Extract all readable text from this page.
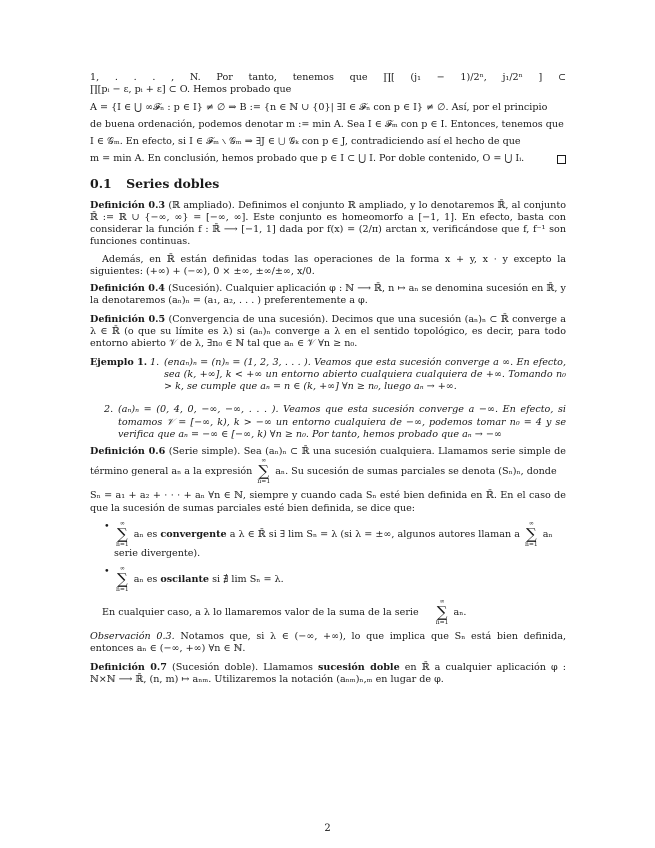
1, . . . , N. Por tanto, tenemos que ∏[ (j₁ − 1)/2ⁿ, j₁/2ⁿ ] ⊂ ∏[pᵢ − ε, pᵢ + ε] ⊂ O. Hemos probado que

A = {I ∈ ⋃ ∞𝓕ₙ : p ∈ I} ≠ ∅ ⇒ B := {n ∈ ℕ ∪ {0}| ∃I ∈ 𝓕ₙ con p ∈ I} ≠ ∅. Así, por el principio

de buena ordenación, podemos denotar m := min A. Sea I ∈ 𝓕ₘ con p ∈ I. Entonces, tenemos que

I ∈ 𝒢ₘ. En efecto, si I ∈ 𝓕ₘ ∖ 𝒢ₘ ⇒ ∃J ∈ ⋃ 𝒢ₖ con p ∈ J, contradiciendo así el hecho de que

m = min A. En conclusión, hemos probado que p ∈ I ⊂ ⋃ I. Por doble contenido, O = ⋃ Iᵢ.

0.1 Series dobles

Definición 0.3 (ℝ ampliado). Definimos el conjunto ℝ ampliado, y lo denotaremos ℝ̄, al conjunto ℝ̄ := ℝ ∪ {−∞, ∞} = [−∞, ∞]. Este conjunto es homeomorfo a [−1, 1]. En efecto, basta con considerar la función f : ℝ̄ ⟶ [−1, 1] dada por f(x) = (2/π) arctan x, verificándose que f, f⁻¹ son funciones continuas.

Además, en ℝ̄ están definidas todas las operaciones de la forma x + y, x · y excepto la siguientes: (+∞) + (−∞), 0 × ±∞, ±∞/±∞, x/0.

Definición 0.4 (Sucesión). Cualquier aplicación φ : ℕ ⟶ ℝ̄, n ↦ aₙ se denomina sucesión en ℝ̄, y la denotaremos (aₙ)ₙ = (a₁, a₂, . . . ) preferentemente a φ.

Definición 0.5 (Convergencia de una sucesión). Decimos que una sucesión (aₙ)ₙ ⊂ ℝ̄ converge a λ ∈ ℝ̄ (o que su límite es λ) si (aₙ)ₙ converge a λ en el sentido topológico, es decir, para todo entorno abierto 𝒱 de λ, ∃n₀ ∈ ℕ tal que aₙ ∈ 𝒱 ∀n ≥ n₀.

Ejemplo 1. 1. (enaₙ)ₙ = (n)ₙ = (1, 2, 3, . . . ). Veamos que esta sucesión converge a ∞. En efecto, sea (k, +∞], k < +∞ un entorno abierto cualquiera cualquiera de +∞. Tomando n₀ > k, se cumple que aₙ = n ∈ (k, +∞] ∀n ≥ n₀, luego aₙ → +∞.
2. (aₙ)ₙ = (0, 4, 0, −∞, −∞, . . . ). Veamos que esta sucesión converge a −∞. En efecto, si tomamos 𝒱 = [−∞, k), k > −∞ un entorno cualquiera de −∞, podemos tomar n₀ = 4 y se verifica que aₙ = −∞ ∈ [−∞, k) ∀n ≥ n₀. Por tanto, hemos probado que aₙ → −∞

Definición 0.6 (Serie simple). Sea (aₙ)ₙ ⊂ ℝ̄ una sucesión cualquiera. Llamamos serie simple de término general aₙ a la expresión
∞
∑
n=1
aₙ. Su sucesión de sumas parciales se denota (Sₙ)ₙ, donde

Sₙ = a₁ + a₂ + · · · + aₙ ∀n ∈ ℕ, siempre y cuando cada Sₙ esté bien definida en ℝ̄. En el caso de que la sucesión de sumas parciales esté bien definida, se dice que:

•	∞
∑
n=1
aₙ es convergente a λ ∈ ℝ̄ si ∃ lim Sₙ = λ (si λ = ±∞, algunos autores llaman a
∞
∑
n=1
aₙ serie divergente).
•	∞
∑
n=1
aₙ es oscilante si ∄ lim Sₙ = λ.

En cualquier caso, a λ lo llamaremos valor de la suma de la serie
∞
∑
n=1
aₙ.

Observación 0.3. Notamos que, si λ ∈ (−∞, +∞), lo que implica que Sₙ está bien definida, entonces aₙ ∈ (−∞, +∞) ∀n ∈ ℕ.

Definición 0.7 (Sucesión doble). Llamamos sucesión doble en ℝ̄ a cualquier aplicación φ : ℕ×ℕ ⟶ ℝ̄, (n, m) ↦ aₙₘ. Utilizaremos la notación (aₙₘ)ₙ,ₘ en lugar de φ.

2
